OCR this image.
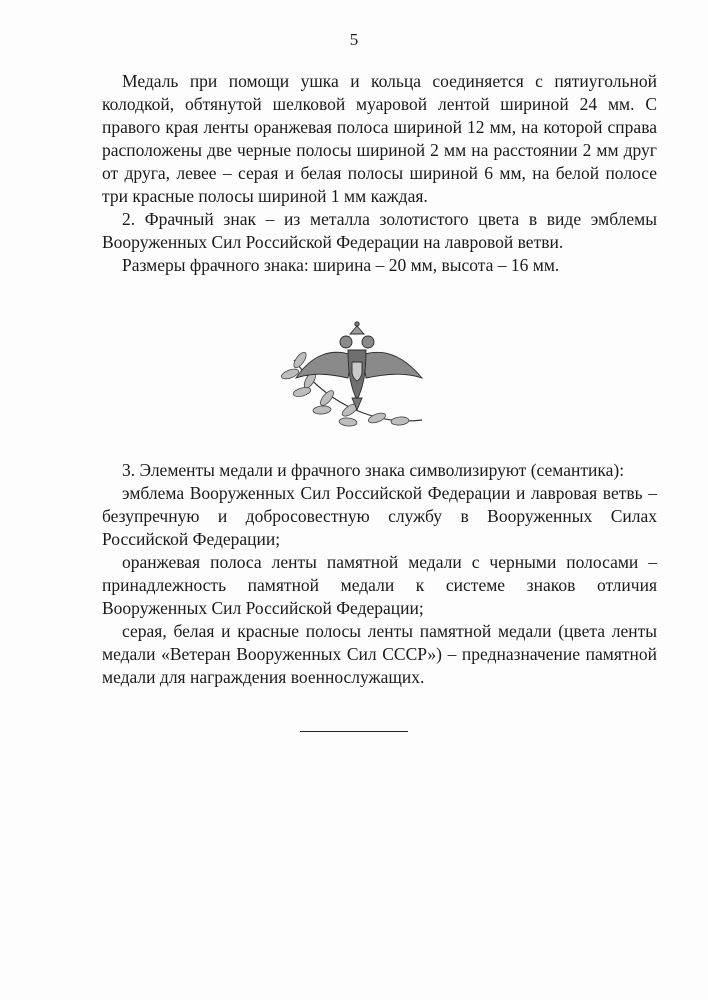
5

Медаль при помощи ушка и кольца соединяется с пятиугольной колодкой, обтянутой шелковой муаровой лентой шириной 24 мм. С правого края ленты оранжевая полоса шириной 12 мм, на которой справа расположены две черные полосы шириной 2 мм на расстоянии 2 мм друг от друга, левее – серая и белая полосы шириной 6 мм, на белой полосе три красные полосы шириной 1 мм каждая.

2. Фрачный знак – из металла золотистого цвета в виде эмблемы Вооруженных Сил Российской Федерации на лавровой ветви.

Размеры фрачного знака: ширина – 20 мм, высота – 16 мм.

3. Элементы медали и фрачного знака символизируют (семантика):

эмблема Вооруженных Сил Российской Федерации и лавровая ветвь – безупречную и добросовестную службу в Вооруженных Силах Российской Федерации;

оранжевая полоса ленты памятной медали с черными полосами – принадлежность памятной медали к системе знаков отличия Вооруженных Сил Российской Федерации;

серая, белая и красные полосы ленты памятной медали (цвета ленты медали «Ветеран Вооруженных Сил СССР») – предназначение памятной медали для награждения военнослужащих.
